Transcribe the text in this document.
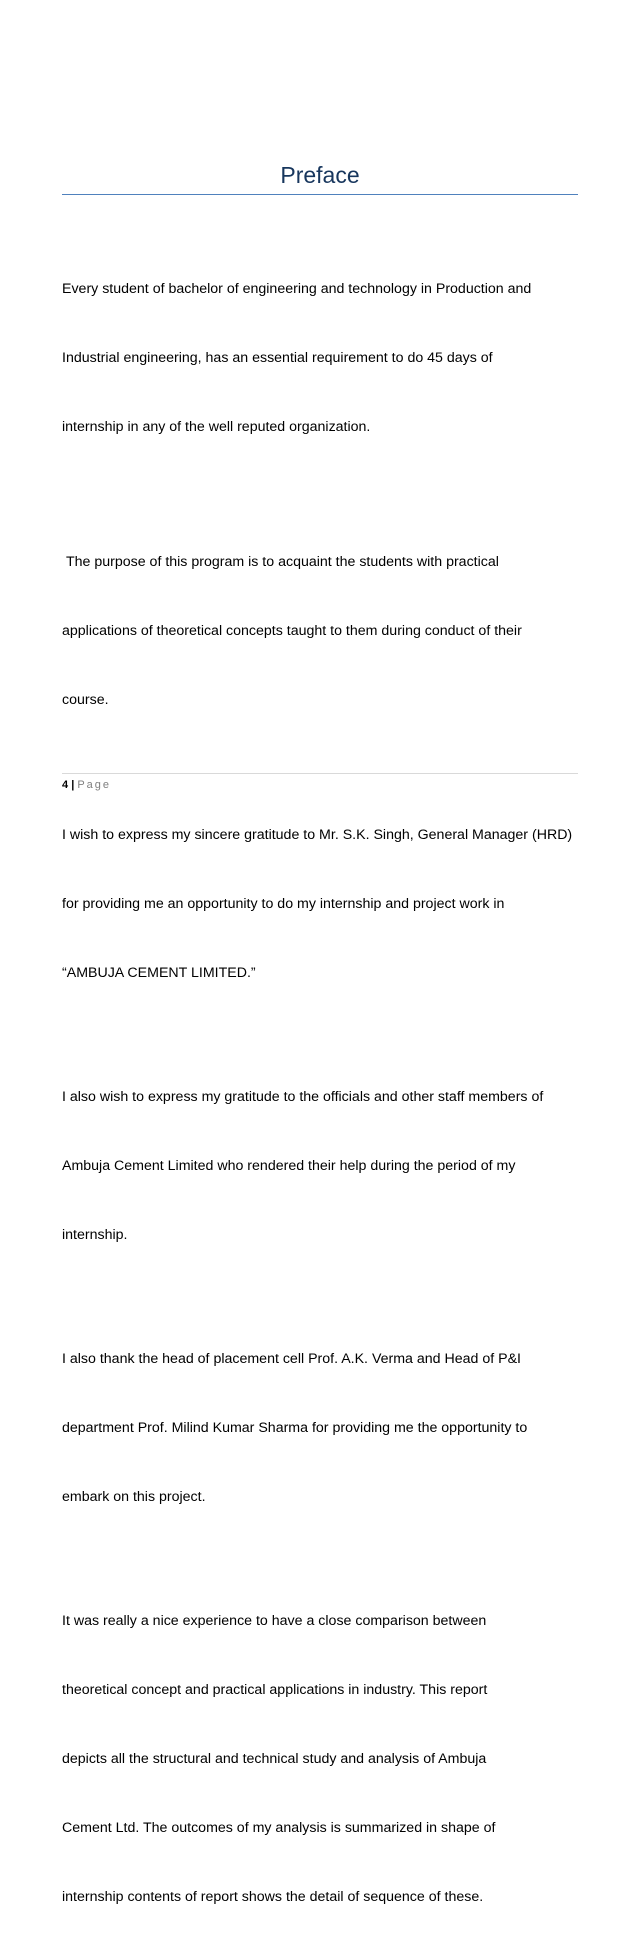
Preface

Every student of bachelor of engineering and technology in Production and

Industrial engineering, has an essential requirement to do 45 days of

internship in any of the well reputed organization.

The purpose of this program is to acquaint the students with practical

applications of theoretical concepts taught to them during conduct of their

course.

I wish to express my sincere gratitude to Mr. S.K. Singh, General Manager (HRD)

for providing me an opportunity to do my internship and project work in

“AMBUJA CEMENT LIMITED.”

I also wish to express my gratitude to the officials and other staff members of

Ambuja Cement Limited who rendered their help during the period of my

internship.

I also thank the head of placement cell Prof. A.K. Verma and Head of P&I

department Prof. Milind Kumar Sharma for providing me the opportunity to

embark on this project.

It was really a nice experience to have a close comparison between

theoretical concept and practical applications in industry. This report

depicts all the structural and technical study and analysis of Ambuja

Cement Ltd. The outcomes of my analysis is summarized in shape of

internship contents of report shows the detail of sequence of these.

4 | Page
